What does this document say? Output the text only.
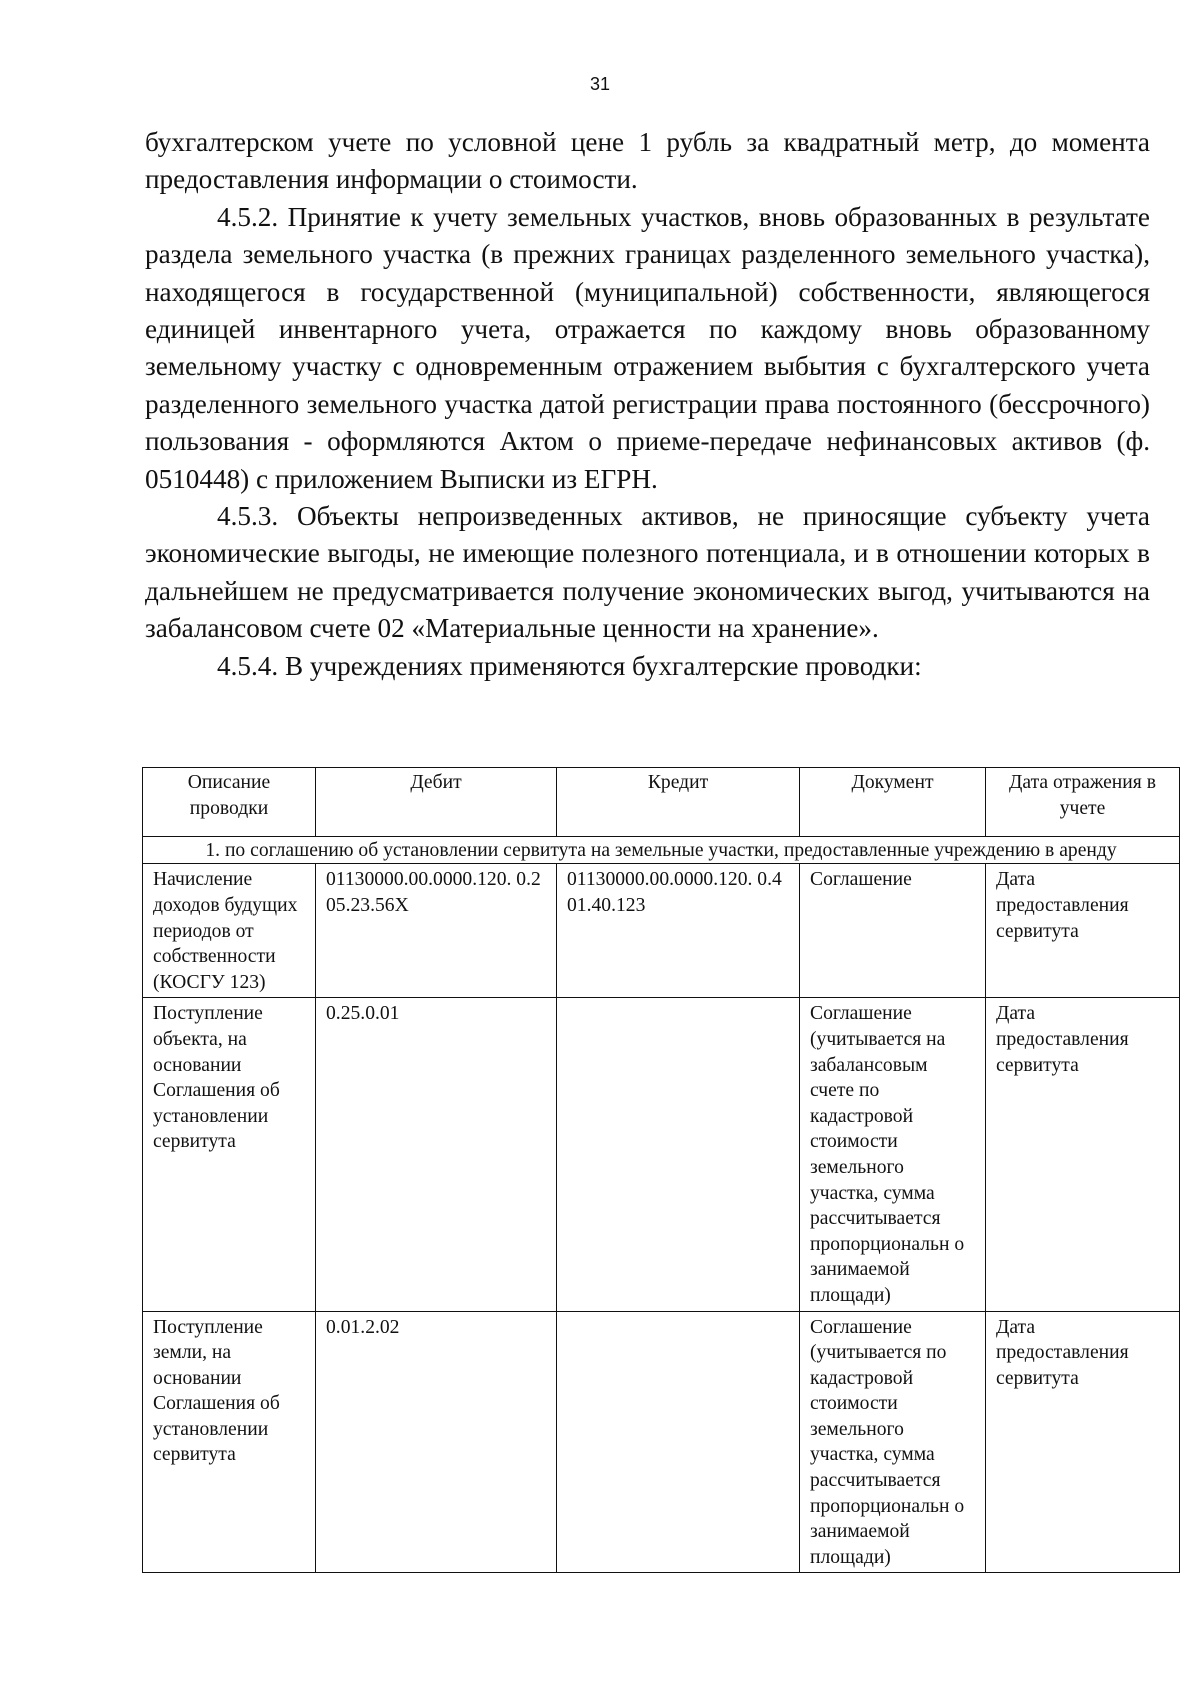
31

бухгалтерском учете по условной цене 1 рубль за квадратный метр, до момента предоставления информации о стоимости.

4.5.2. Принятие к учету земельных участков, вновь образованных в результате раздела земельного участка (в прежних границах разделенного земельного участка), находящегося в государственной (муниципальной) собственности, являющегося единицей инвентарного учета, отражается по каждому вновь образованному земельному участку с одновременным отражением выбытия с бухгалтерского учета разделенного земельного участка датой регистрации права постоянного (бессрочного) пользования - оформляются Актом о приеме-передаче нефинансовых активов (ф. 0510448) с приложением Выписки из ЕГРН.

4.5.3. Объекты непроизведенных активов, не приносящие субъекту учета экономические выгоды, не имеющие полезного потенциала, и в отношении которых в дальнейшем не предусматривается получение экономических выгод, учитываются на забалансовом счете 02 «Материальные ценности на хранение».

4.5.4. В учреждениях применяются бухгалтерские проводки:

Описание проводки	Дебит	Кредит	Документ	Дата отражения в учете
1. по соглашению об установлении сервитута на земельные участки, предоставленные учреждению в аренду				
Начисление доходов будущих периодов от собственности (КОСГУ 123)	01130000.00.0000.120. 0.205.23.56Х	01130000.00.0000.120. 0.401.40.123	Соглашение	Дата предоставления сервитута
Поступление объекта, на основании Соглашения об установлении сервитута	0.25.0.01		Соглашение (учитывается на забалансовым счете по кадастровой стоимости земельного участка, сумма рассчитывается пропорциональн о занимаемой площади)	Дата предоставления сервитута
Поступление земли, на основании Соглашения об установлении сервитута	0.01.2.02		Соглашение (учитывается по кадастровой стоимости земельного участка, сумма рассчитывается пропорциональн о занимаемой площади)	Дата предоставления сервитута
